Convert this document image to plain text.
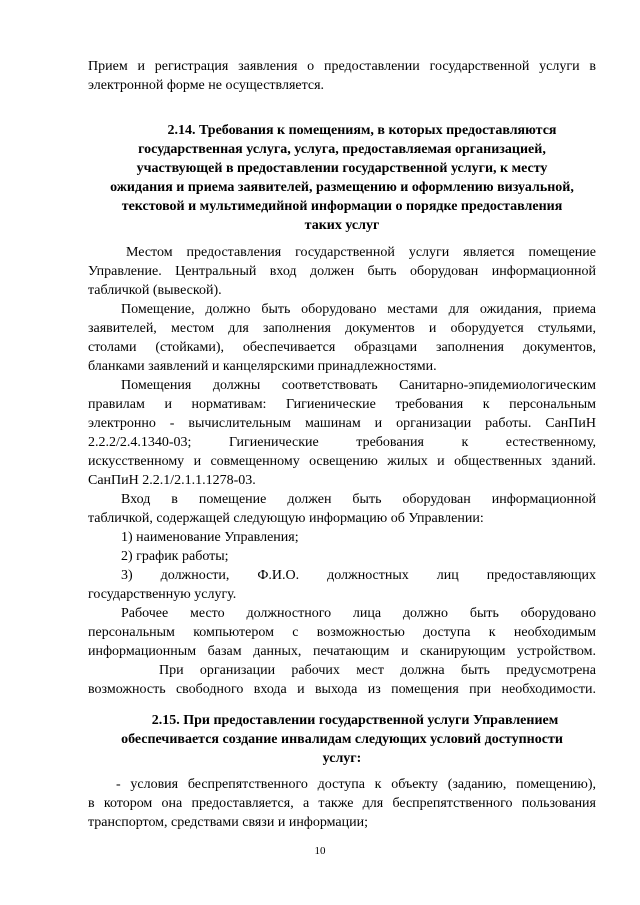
Прием и регистрация заявления о предоставлении государственной услуги в
электронной форме не осуществляется.
2.14. Требования к помещениям, в которых предоставляются
государственная услуга, услуга, предоставляемая организацией,
участвующей в предоставлении государственной услуги, к месту
ожидания и приема заявителей, размещению и оформлению визуальной,
текстовой и мультимедийной информации о порядке предоставления
таких услуг
Местом предоставления государственной услуги является помещение
Управление. Центральный вход должен быть оборудован информационной
табличкой (вывеской).
Помещение, должно быть оборудовано местами для ожидания, приема
заявителей, местом для заполнения документов и оборудуется стульями,
столами (стойками), обеспечивается образцами заполнения документов,
бланками заявлений и канцелярскими принадлежностями.
Помещения должны соответствовать Санитарно-эпидемиологическим
правилам и нормативам: Гигиенические требования к персональным
электронно - вычислительным машинам и организации работы. СанПиН
2.2.2/2.4.1340-03; Гигиенические требования к естественному,
искусственному и совмещенному освещению жилых и общественных зданий.
СанПиН 2.2.1/2.1.1.1278-03.
Вход в помещение должен быть оборудован информационной
табличкой, содержащей следующую информацию об Управлении:
1) наименование Управления;
2) график работы;
3) должности, Ф.И.О. должностных лиц предоставляющих
государственную услугу.
Рабочее место должностного лица должно быть оборудовано
персональным компьютером с возможностью доступа к необходимым
информационным базам данных, печатающим и сканирующим устройством.
При организации рабочих мест должна быть предусмотрена
возможность свободного входа и выхода из помещения при необходимости.
2.15. При предоставлении государственной услуги Управлением
обеспечивается создание инвалидам следующих условий доступности
услуг:
- условия беспрепятственного доступа к объекту (заданию, помещению),
в котором она предоставляется, а также для беспрепятственного пользования
транспортом, средствами связи и информации;
10
